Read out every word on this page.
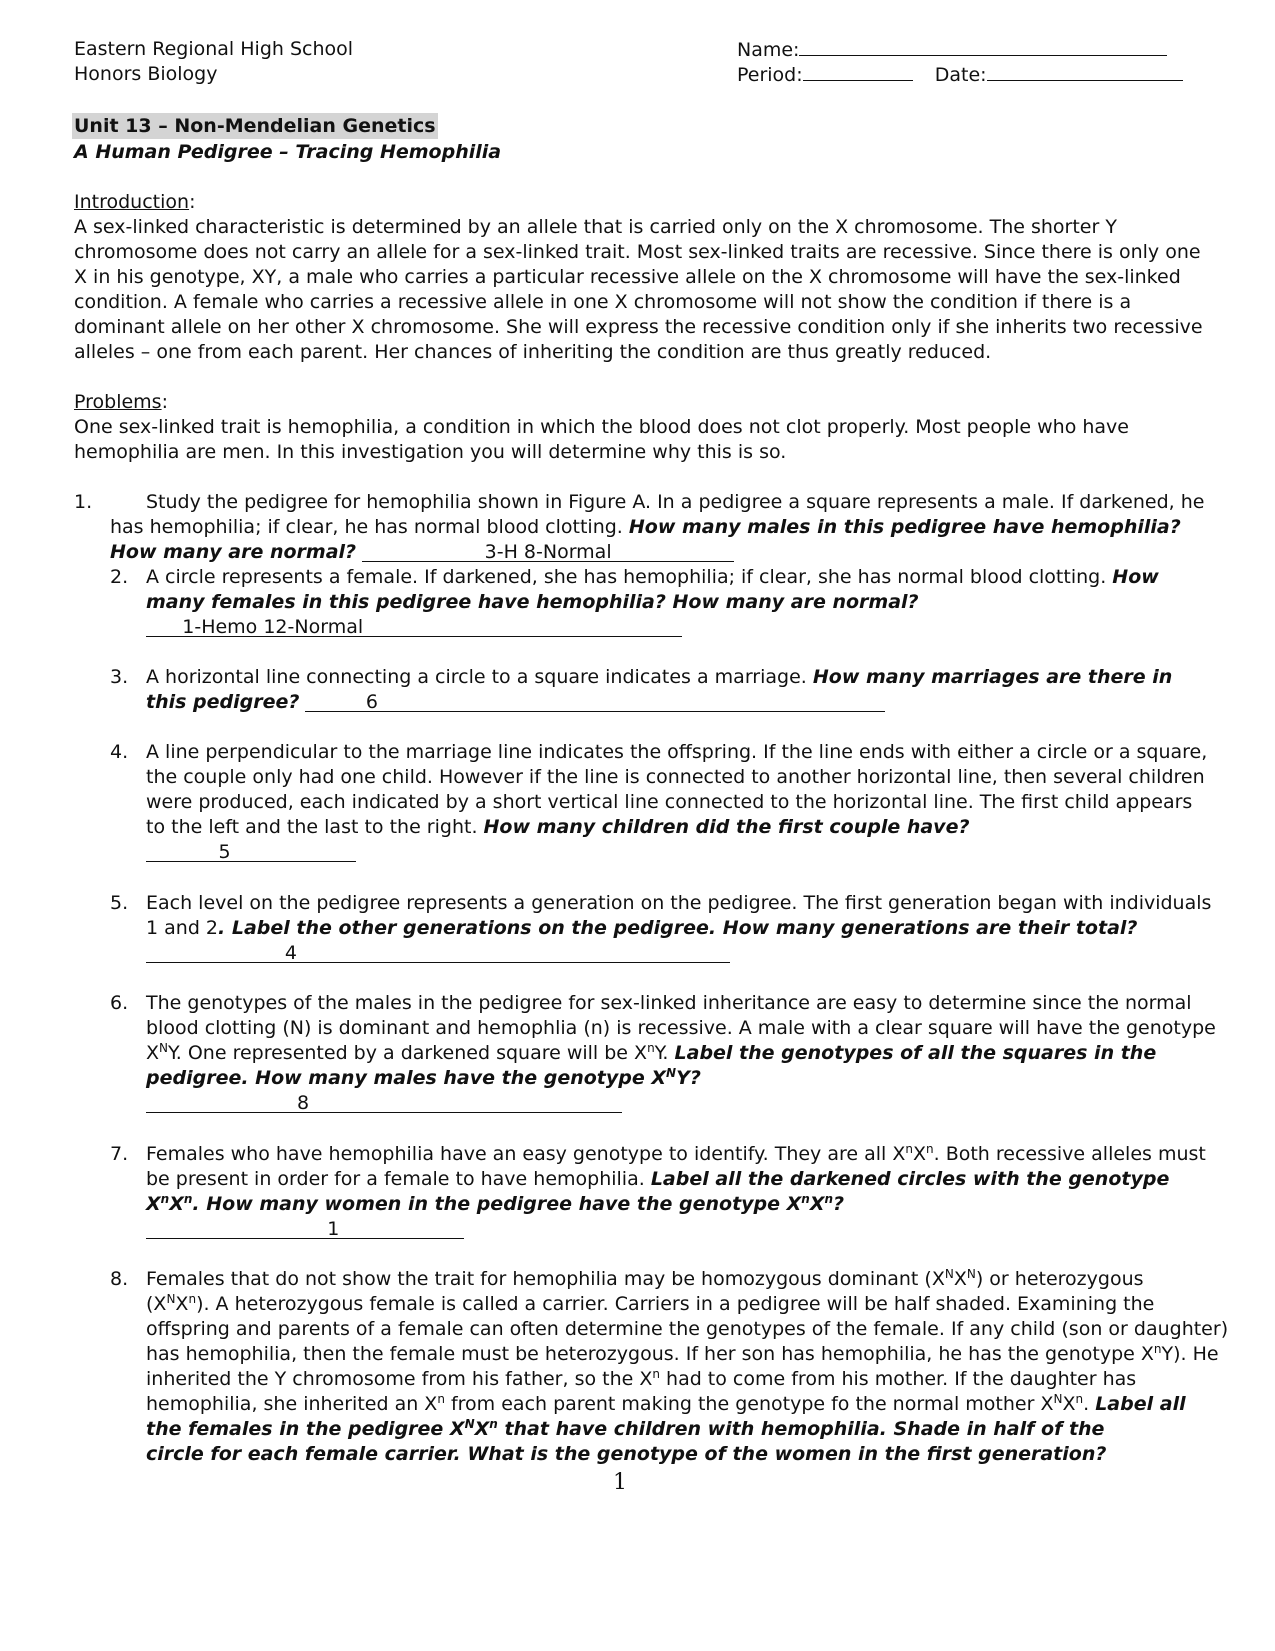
Eastern Regional High School
Honors Biology
Name:
Period:	Date:
Unit 13 – Non-Mendelian Genetics
A Human Pedigree – Tracing Hemophilia
Introduction:
A sex-linked characteristic is determined by an allele that is carried only on the X chromosome. The shorter Y
chromosome does not carry an allele for a sex-linked trait. Most sex-linked traits are recessive. Since there is only one
X in his genotype, XY, a male who carries a particular recessive allele on the X chromosome will have the sex-linked
condition. A female who carries a recessive allele in one X chromosome will not show the condition if there is a
dominant allele on her other X chromosome. She will express the recessive condition only if she inherits two recessive
alleles – one from each parent. Her chances of inheriting the condition are thus greatly reduced.
Problems:
One sex-linked trait is hemophilia, a condition in which the blood does not clot properly. Most people who have
hemophilia are men. In this investigation you will determine why this is so.
1.	Study the pedigree for hemophilia shown in Figure A. In a pedigree a square represents a male. If darkened, he
has hemophilia; if clear, he has normal blood clotting. How many males in this pedigree have hemophilia?
How many are normal?	3-H 8-Normal
2. A circle represents a female. If darkened, she has hemophilia; if clear, she has normal blood clotting. How
many females in this pedigree have hemophilia? How many are normal?
1-Hemo 12-Normal
3. A horizontal line connecting a circle to a square indicates a marriage. How many marriages are there in
this pedigree?	6
4. A line perpendicular to the marriage line indicates the offspring. If the line ends with either a circle or a square,
the couple only had one child. However if the line is connected to another horizontal line, then several children
were produced, each indicated by a short vertical line connected to the horizontal line. The first child appears
to the left and the last to the right. How many children did the first couple have?
5
5. Each level on the pedigree represents a generation on the pedigree. The first generation began with individuals
1 and 2. Label the other generations on the pedigree. How many generations are their total?
4
6. The genotypes of the males in the pedigree for sex-linked inheritance are easy to determine since the normal
blood clotting (N) is dominant and hemophlia (n) is recessive. A male with a clear square will have the genotype
$X^NY$. One represented by a darkened square will be $X^nY$. Label the genotypes of all the squares in the
pedigree. How many males have the genotype $X^NY$?
8
7. Females who have hemophilia have an easy genotype to identify. They are all $X^nX^n$. Both recessive alleles must
be present in order for a female to have hemophilia. Label all the darkened circles with the genotype
$X^nX^n$. How many women in the pedigree have the genotype $X^nX^n$?
1
8. Females that do not show the trait for hemophilia may be homozygous dominant $(X^NX^N)$ or heterozygous
$(X^NX^n)$. A heterozygous female is called a carrier. Carriers in a pedigree will be half shaded. Examining the
offspring and parents of a female can often determine the genotypes of the female. If any child (son or daughter)
has hemophilia, then the female must be heterozygous. If her son has hemophilia, he has the genotype $X^nY$). He
inherited the Y chromosome from his father, so the $X^n$ had to come from his mother. If the daughter has
hemophilia, she inherited an $X^n$ from each parent making the genotype fo the normal mother $X^NX^n$. Label all
the females in the pedigree $X^NX^n$ that have children with hemophilia. Shade in half of the
circle for each female carrier. What is the genotype of the women in the first generation?
1
